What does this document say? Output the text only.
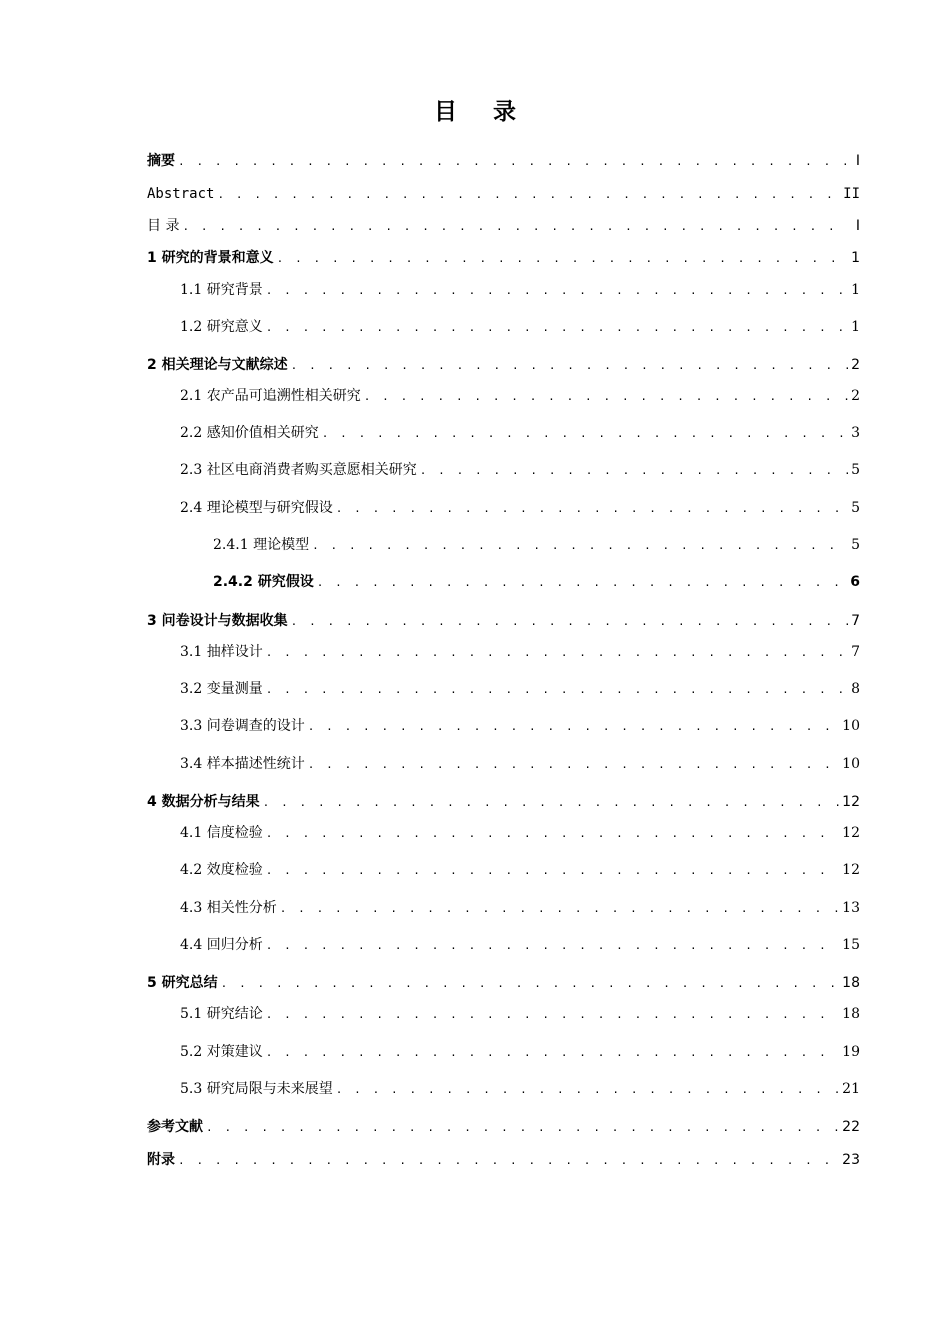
目 录
摘要 . . .	I
Abstract . . .	II
目 录 . . .	I
1 研究的背景和意义 . . .	1
1.1 研究背景 . . .	1
1.2 研究意义 . . .	1
2 相关理论与文献综述 . . .	2
2.1 农产品可追溯性相关研究 . . .	2
2.2 感知价值相关研究 . . .	3
2.3 社区电商消费者购买意愿相关研究 . . .	5
2.4 理论模型与研究假设 . . .	5
2.4.1 理论模型 . . .	5
2.4.2 研究假设 . . .	6
3 问卷设计与数据收集 . . .	7
3.1 抽样设计 . . .	7
3.2 变量测量 . . .	8
3.3 问卷调查的设计 . . .	10
3.4 样本描述性统计 . . .	10
4 数据分析与结果 . . .	12
4.1 信度检验 . . .	12
4.2 效度检验 . . .	12
4.3 相关性分析 . . .	13
4.4 回归分析 . . .	15
5 研究总结 . . .	18
5.1 研究结论 . . .	18
5.2 对策建议 . . .	19
5.3 研究局限与未来展望 . . .	21
参考文献 . . .	22
附录 . . .	23
